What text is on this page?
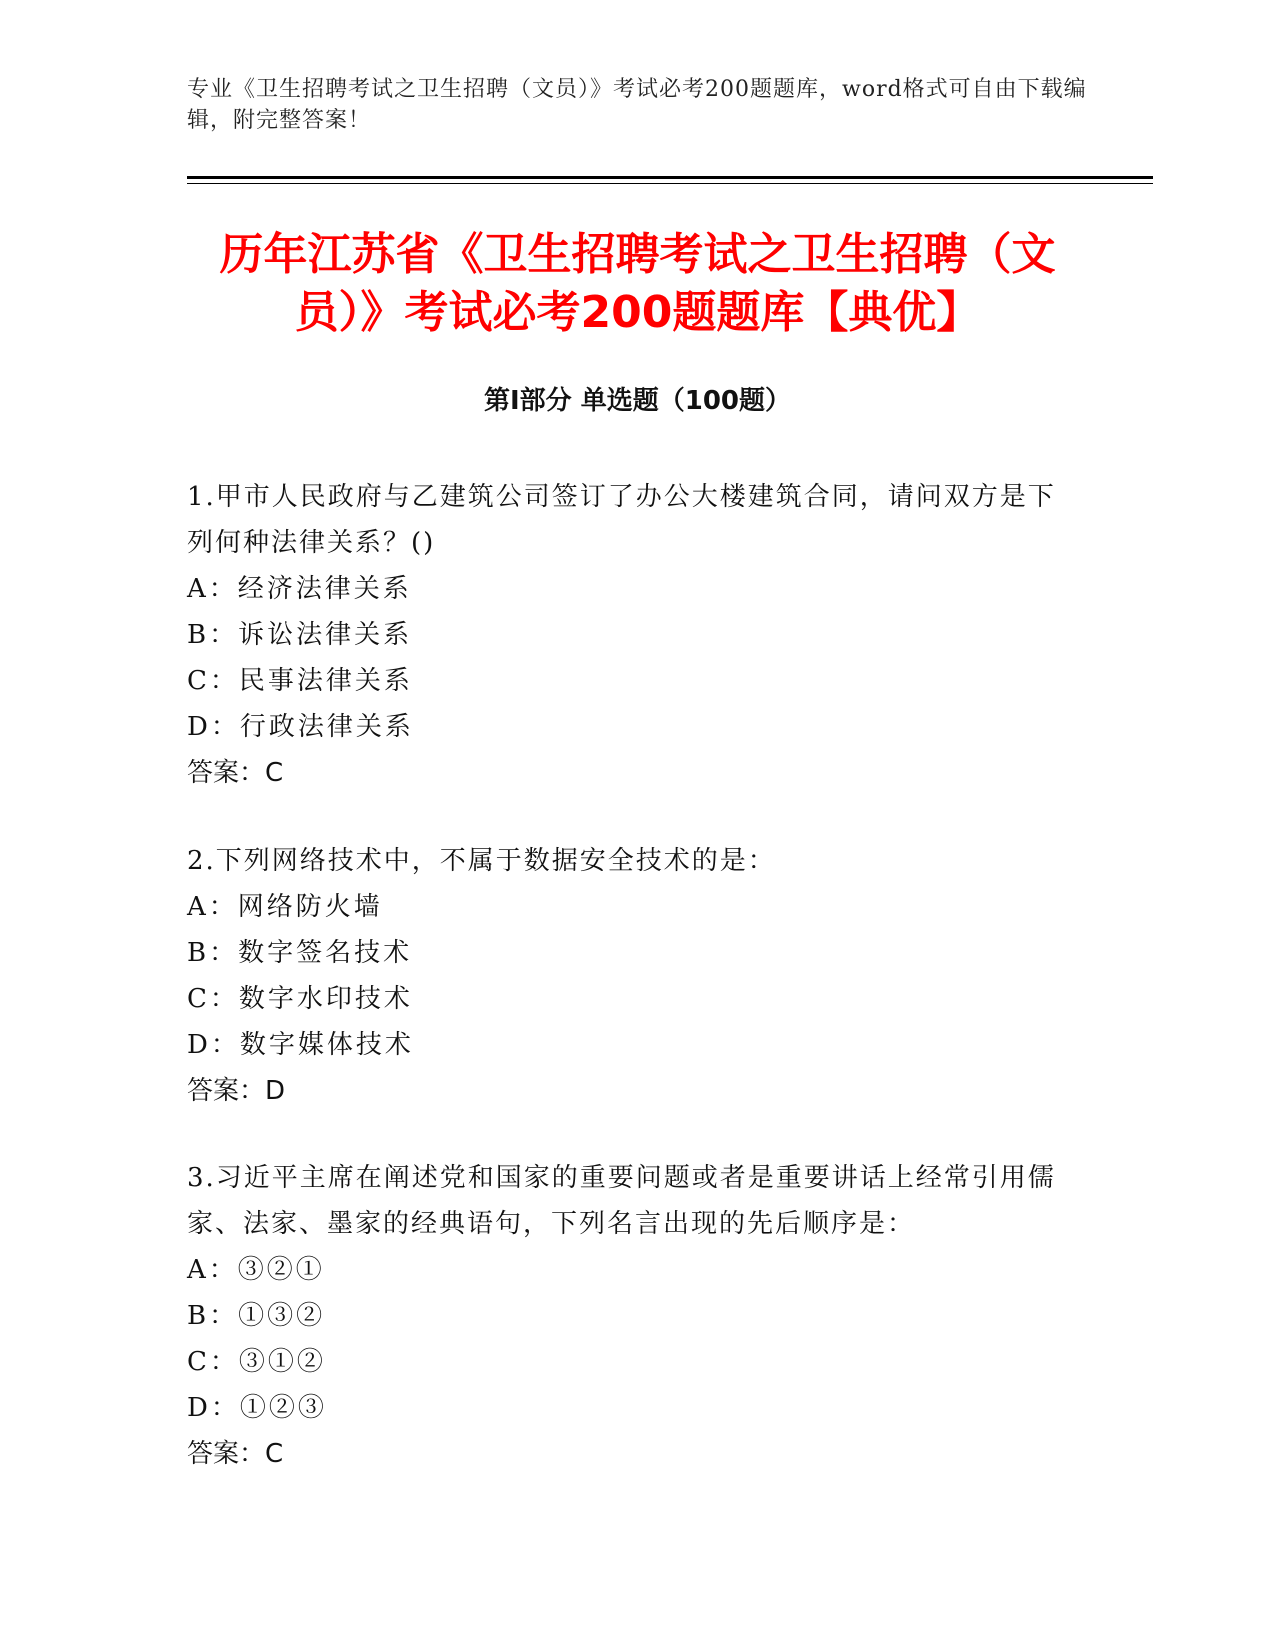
专业《卫生招聘考试之卫生招聘（文员）》考试必考200题题库，word格式可自由下载编辑，附完整答案！
历年江苏省《卫生招聘考试之卫生招聘（文
员）》考试必考200题题库【典优】
第Ⅰ部分 单选题（100题）

1.甲市人民政府与乙建筑公司签订了办公大楼建筑合同，请问双方是下列何种法律关系？()

A：经济法律关系

B：诉讼法律关系

C：民事法律关系

D：行政法律关系

答案：C

2.下列网络技术中，不属于数据安全技术的是：

A：网络防火墙

B：数字签名技术

C：数字水印技术

D：数字媒体技术

答案：D

3.习近平主席在阐述党和国家的重要问题或者是重要讲话上经常引用儒家、法家、墨家的经典语句，下列名言出现的先后顺序是：

A：③②①

B：①③②

C：③①②

D：①②③

答案：C
